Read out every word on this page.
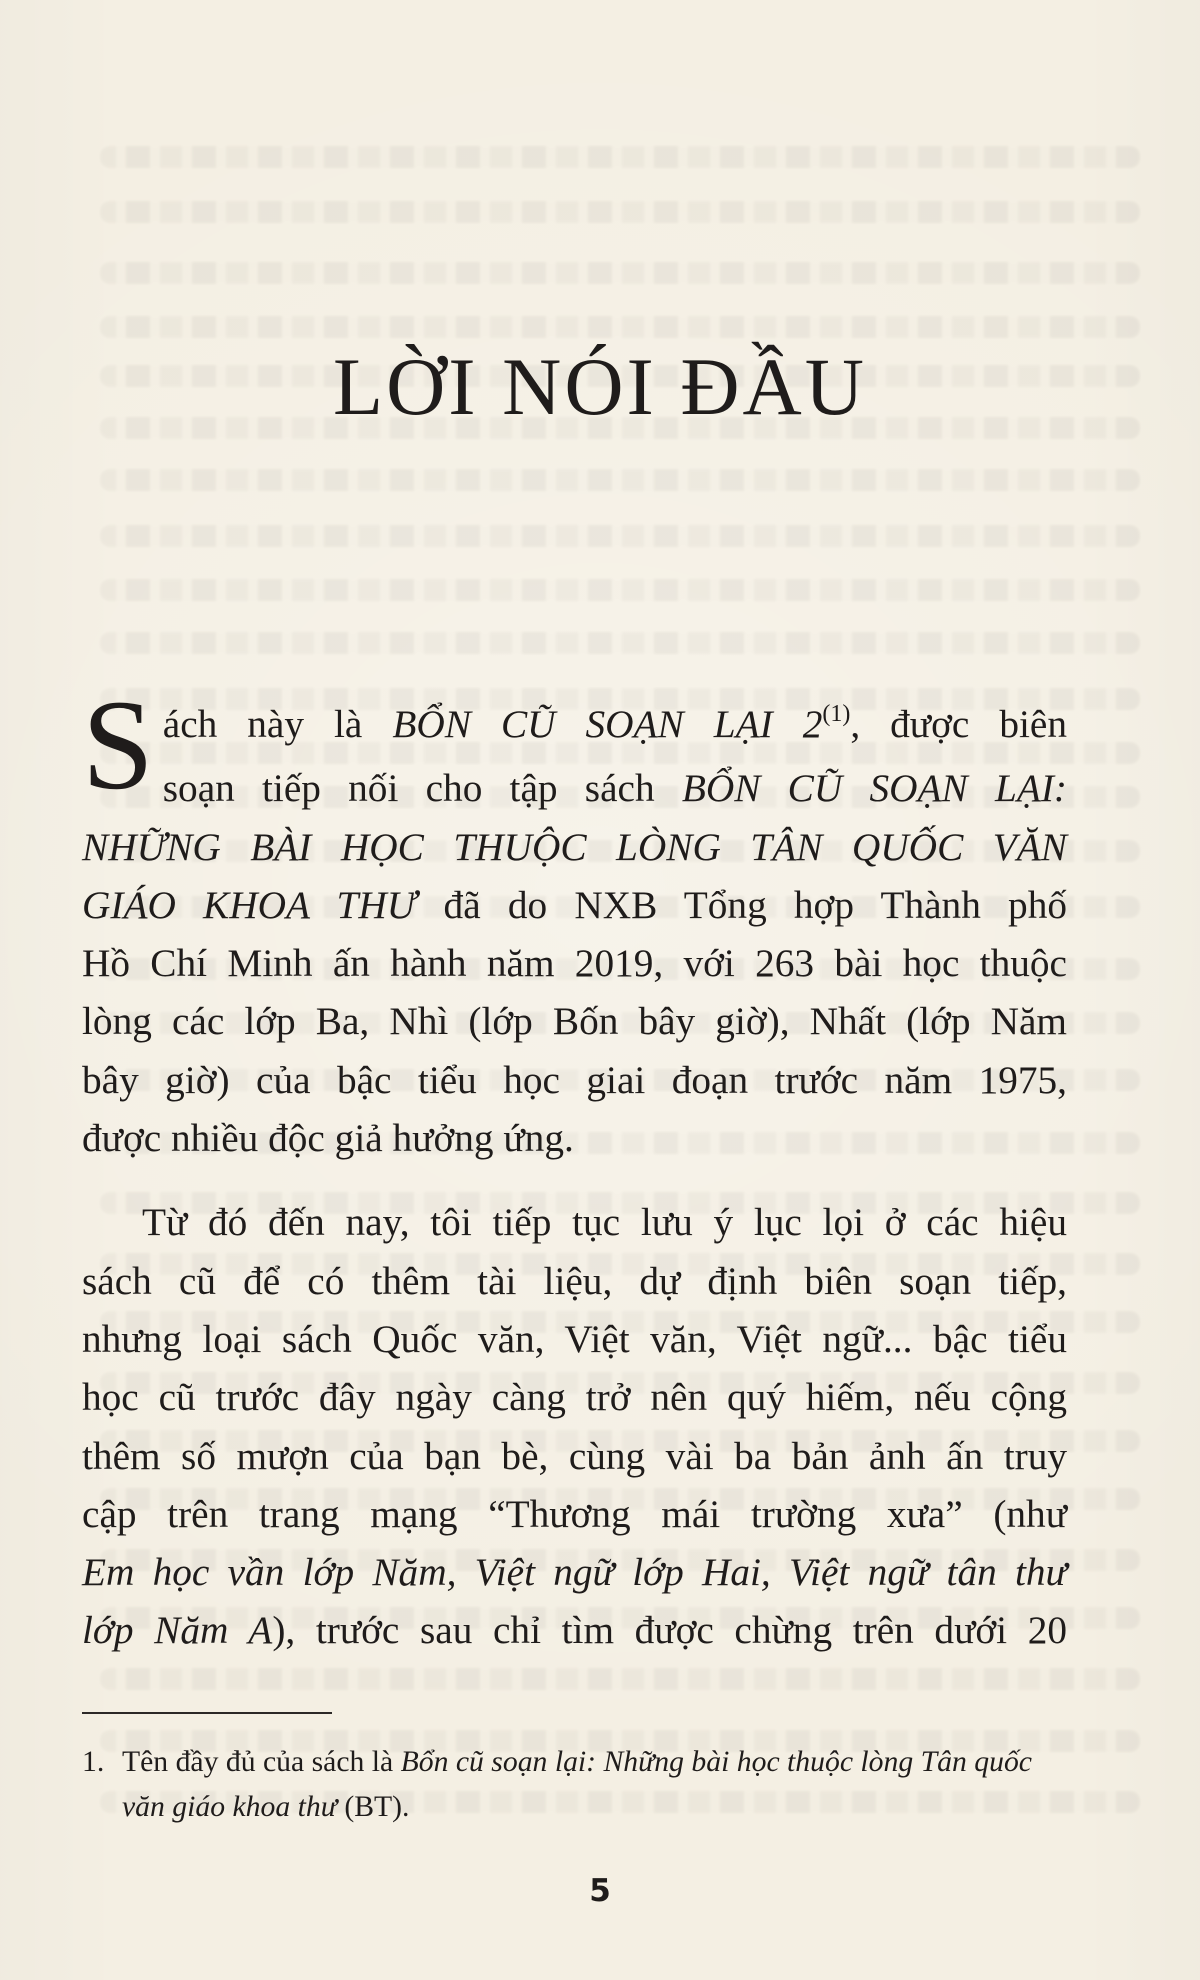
LỜI NÓI ĐẦU
S ách này là BỔN CŨ SOẠN LẠI 2$^{(1)}$, được biên
soạn tiếp nối cho tập sách BỔN CŨ SOẠN LẠI:
NHỮNG BÀI HỌC THUỘC LÒNG TÂN QUỐC VĂN
GIÁO KHOA THƯ đã do NXB Tổng hợp Thành phố
Hồ Chí Minh ấn hành năm 2019, với 263 bài học thuộc
lòng các lớp Ba, Nhì (lớp Bốn bây giờ), Nhất (lớp Năm
bây giờ) của bậc tiểu học giai đoạn trước năm 1975,
được nhiều độc giả hưởng ứng.
Từ đó đến nay, tôi tiếp tục lưu ý lục lọi ở các hiệu
sách cũ để có thêm tài liệu, dự định biên soạn tiếp,
nhưng loại sách Quốc văn, Việt văn, Việt ngữ... bậc tiểu
học cũ trước đây ngày càng trở nên quý hiếm, nếu cộng
thêm số mượn của bạn bè, cùng vài ba bản ảnh ấn truy
cập trên trang mạng “Thương mái trường xưa” (như
Em học vần lớp Năm, Việt ngữ lớp Hai, Việt ngữ tân thư
lớp Năm A), trước sau chỉ tìm được chừng trên dưới 20
1. Tên đầy đủ của sách là Bổn cũ soạn lại: Những bài học thuộc lòng Tân quốc
văn giáo khoa thư (BT).
5
